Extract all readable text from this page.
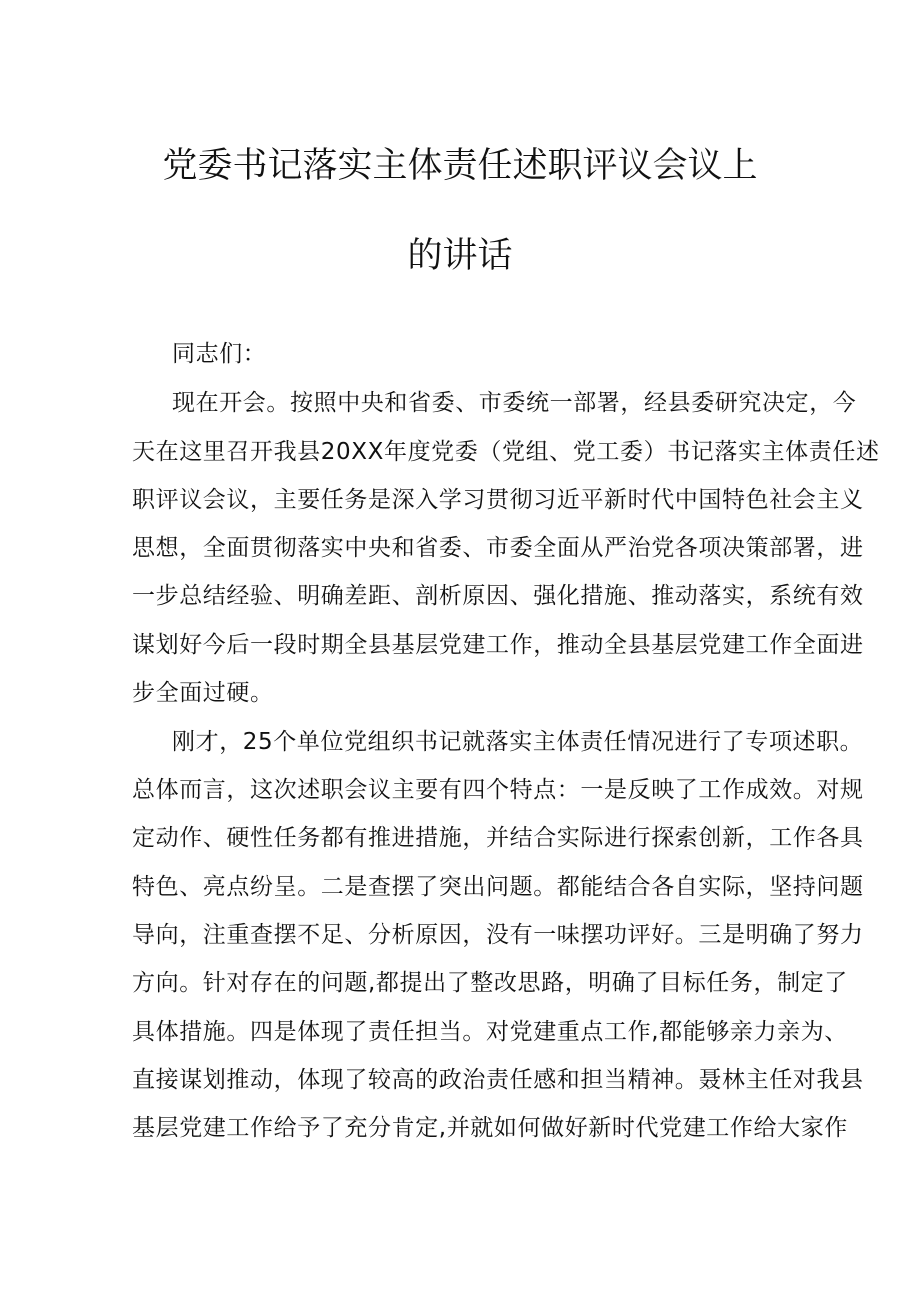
党委书记落实主体责任述职评议会议上
的讲话
同志们：
现在开会。按照中央和省委、市委统一部署，经县委研究决定，今
天在这里召开我县20XX年度党委（党组、党工委）书记落实主体责任述
职评议会议，主要任务是深入学习贯彻习近平新时代中国特色社会主义
思想，全面贯彻落实中央和省委、市委全面从严治党各项决策部署，进
一步总结经验、明确差距、剖析原因、强化措施、推动落实，系统有效
谋划好今后一段时期全县基层党建工作，推动全县基层党建工作全面进
步全面过硬。
刚才，25个单位党组织书记就落实主体责任情况进行了专项述职。
总体而言，这次述职会议主要有四个特点：一是反映了工作成效。对规
定动作、硬性任务都有推进措施，并结合实际进行探索创新，工作各具
特色、亮点纷呈。二是查摆了突出问题。都能结合各自实际，坚持问题
导向，注重查摆不足、分析原因，没有一味摆功评好。三是明确了努力
方向。针对存在的问题,都提出了整改思路，明确了目标任务，制定了
具体措施。四是体现了责任担当。对党建重点工作,都能够亲力亲为、
直接谋划推动，体现了较高的政治责任感和担当精神。聂林主任对我县
基层党建工作给予了充分肯定,并就如何做好新时代党建工作给大家作
